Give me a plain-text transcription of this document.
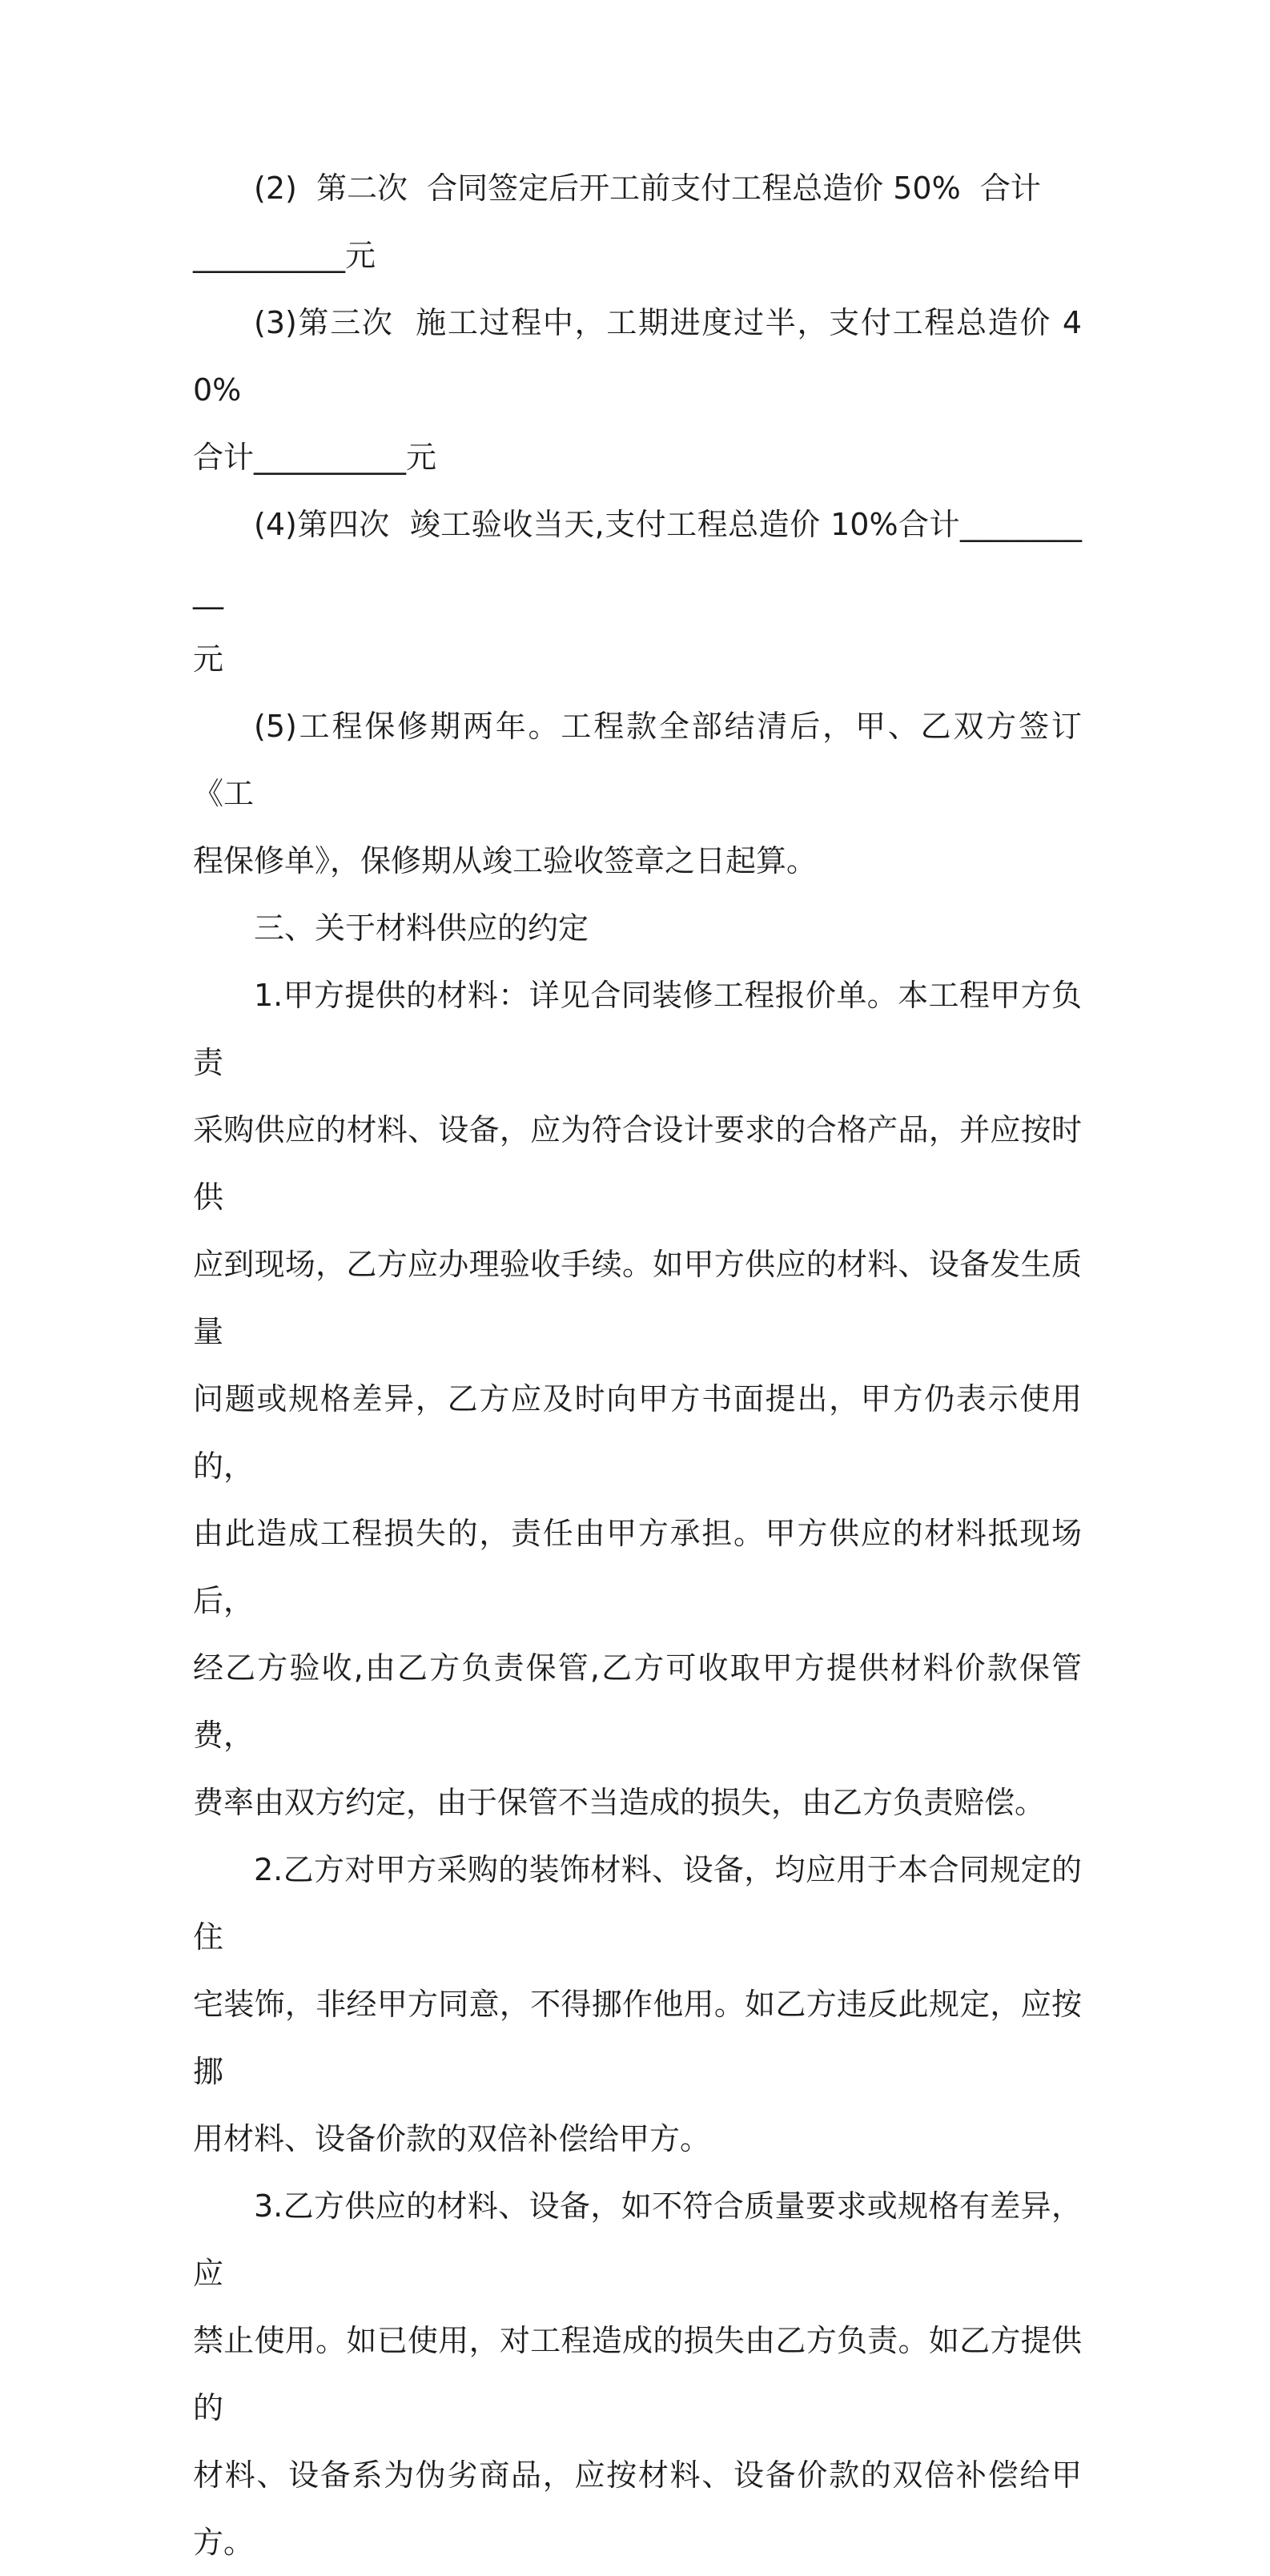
(2)  第二次  合同签定后开工前支付工程总造价 50%  合计

__________元

(3)第三次  施工过程中，工期进度过半，支付工程总造价 40%

合计__________元

(4)第四次  竣工验收当天,支付工程总造价 10%合计__________

元

(5)工程保修期两年。工程款全部结清后，甲、乙双方签订《工

程保修单》，保修期从竣工验收签章之日起算。

三、关于材料供应的约定

1.甲方提供的材料：详见合同装修工程报价单。本工程甲方负责

采购供应的材料、设备，应为符合设计要求的合格产品，并应按时供

应到现场，乙方应办理验收手续。如甲方供应的材料、设备发生质量

问题或规格差异，乙方应及时向甲方书面提出，甲方仍表示使用的，

由此造成工程损失的，责任由甲方承担。甲方供应的材料抵现场后，

经乙方验收,由乙方负责保管,乙方可收取甲方提供材料价款保管费，

费率由双方约定，由于保管不当造成的损失，由乙方负责赔偿。

2.乙方对甲方采购的装饰材料、设备，均应用于本合同规定的住

宅装饰，非经甲方同意，不得挪作他用。如乙方违反此规定，应按挪

用材料、设备价款的双倍补偿给甲方。

3.乙方供应的材料、设备，如不符合质量要求或规格有差异，应

禁止使用。如已使用，对工程造成的损失由乙方负责。如乙方提供的

材料、设备系为伪劣商品，应按材料、设备价款的双倍补偿给甲方。
